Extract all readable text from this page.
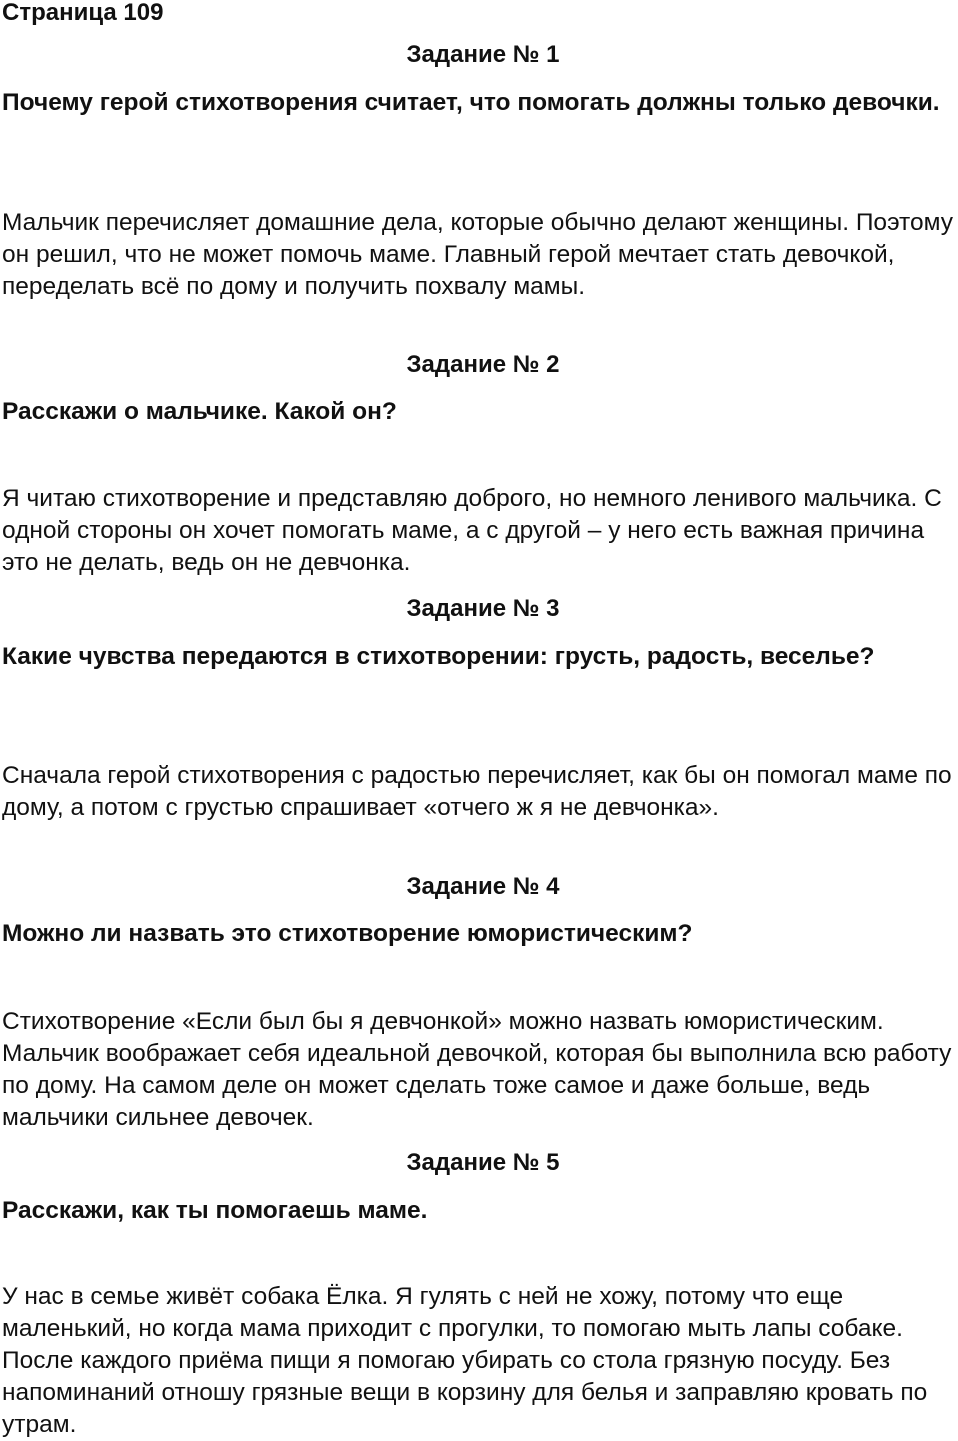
Страница 109
Задание № 1
Почему герой стихотворения считает, что помогать должны только девочки.
Мальчик перечисляет домашние дела, которые обычно делают женщины. Поэтому он решил, что не может помочь маме. Главный герой мечтает стать девочкой, переделать всё по дому и получить похвалу мамы.
Задание № 2
Расскажи о мальчике. Какой он?
Я читаю стихотворение и представляю доброго, но немного ленивого мальчика. С одной стороны он хочет помогать маме, а с другой – у него есть важная причина это не делать, ведь он не девчонка.
Задание № 3
Какие чувства передаются в стихотворении: грусть, радость, веселье?
Сначала герой стихотворения с радостью перечисляет, как бы он помогал маме по дому, а потом с грустью спрашивает «отчего ж я не девчонка».
Задание № 4
Можно ли назвать это стихотворение юмористическим?
Стихотворение «Если был бы я девчонкой» можно назвать юмористическим. Мальчик воображает себя идеальной девочкой, которая бы выполнила всю работу по дому. На самом деле он может сделать тоже самое и даже больше, ведь мальчики сильнее девочек.
Задание № 5
Расскажи, как ты помогаешь маме.
У нас в семье живёт собака Ёлка. Я гулять с ней не хожу, потому что еще маленький, но когда мама приходит с прогулки, то помогаю мыть лапы собаке. После каждого приёма пищи я помогаю убирать со стола грязную посуду. Без напоминаний отношу грязные вещи в корзину для белья и заправляю кровать по утрам.
